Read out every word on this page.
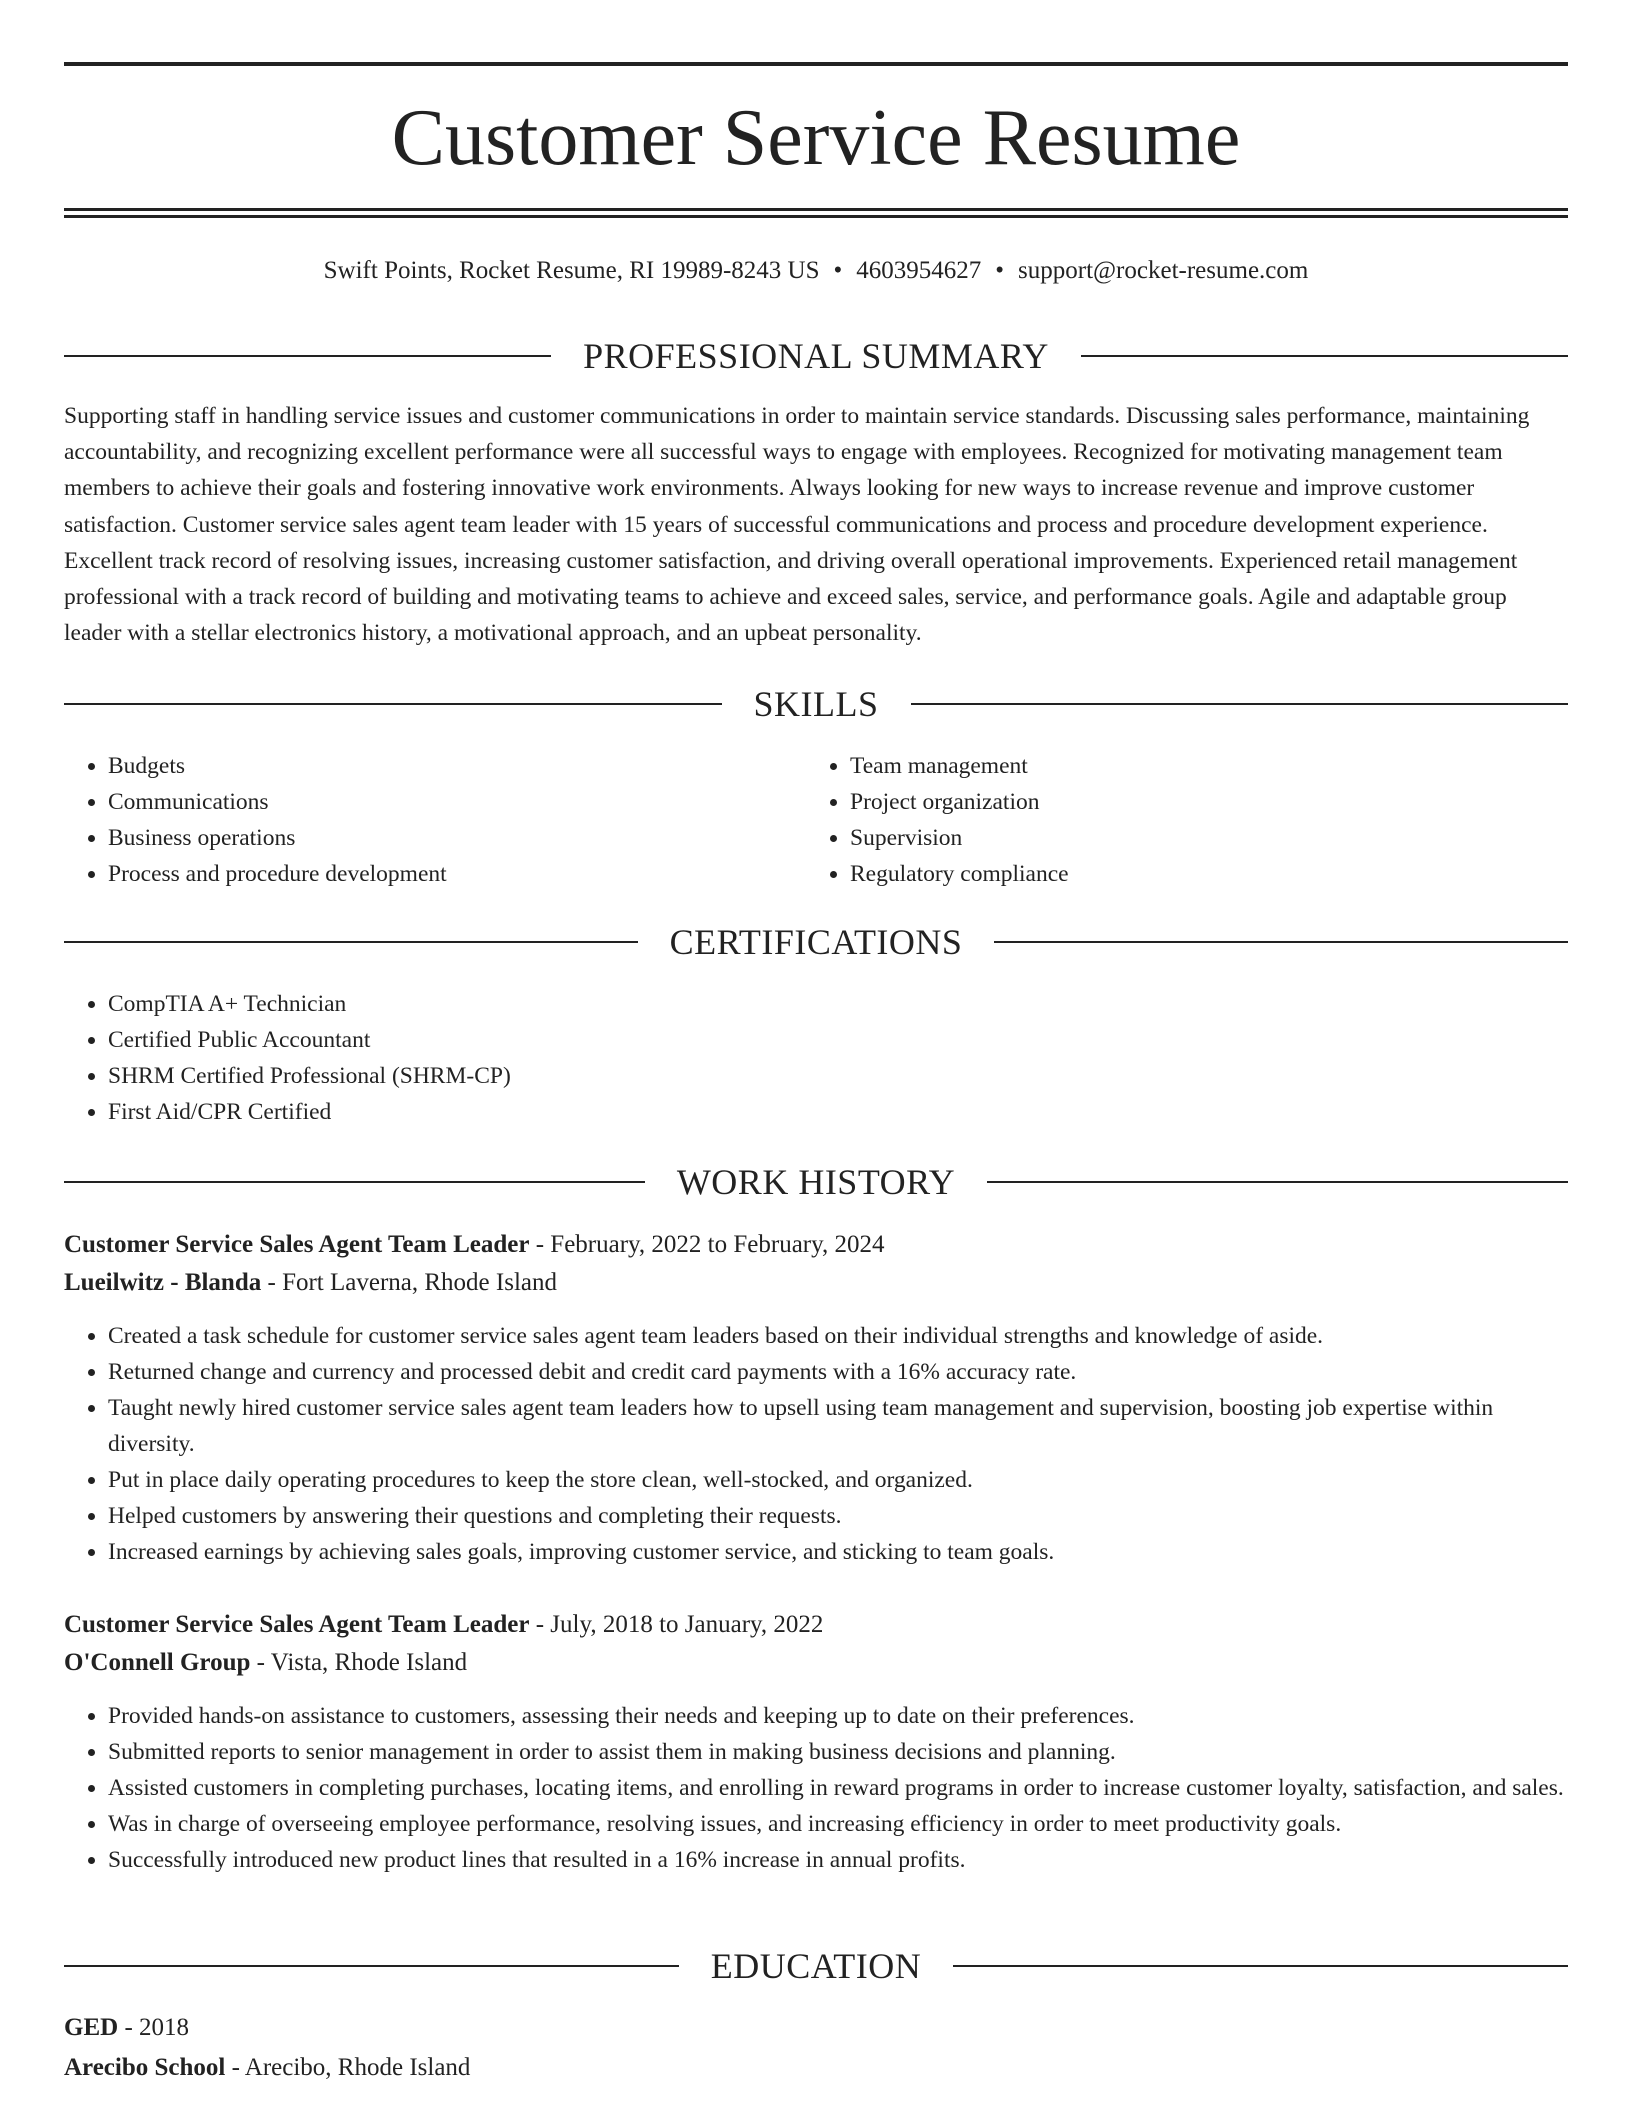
Customer Service Resume
Swift Points, Rocket Resume, RI 19989-8243 US • 4603954627 • support@rocket-resume.com
PROFESSIONAL SUMMARY

Supporting staff in handling service issues and customer communications in order to maintain service standards. Discussing sales performance, maintaining accountability, and recognizing excellent performance were all successful ways to engage with employees. Recognized for motivating management team members to achieve their goals and fostering innovative work environments. Always looking for new ways to increase revenue and improve customer satisfaction. Customer service sales agent team leader with 15 years of successful communications and process and procedure development experience. Excellent track record of resolving issues, increasing customer satisfaction, and driving overall operational improvements. Experienced retail management professional with a track record of building and motivating teams to achieve and exceed sales, service, and performance goals. Agile and adaptable group leader with a stellar electronics history, a motivational approach, and an upbeat personality.

SKILLS
• Budgets
• Communications
• Business operations
• Process and procedure development
• Team management
• Project organization
• Supervision
• Regulatory compliance
CERTIFICATIONS
• CompTIA A+ Technician
• Certified Public Accountant
• SHRM Certified Professional (SHRM-CP)
• First Aid/CPR Certified
WORK HISTORY
Customer Service Sales Agent Team Leader - February, 2022 to February, 2024
Lueilwitz - Blanda - Fort Laverna, Rhode Island
• Created a task schedule for customer service sales agent team leaders based on their individual strengths and knowledge of aside.
• Returned change and currency and processed debit and credit card payments with a 16% accuracy rate.
• Taught newly hired customer service sales agent team leaders how to upsell using team management and supervision, boosting job expertise within diversity.
• Put in place daily operating procedures to keep the store clean, well-stocked, and organized.
• Helped customers by answering their questions and completing their requests.
• Increased earnings by achieving sales goals, improving customer service, and sticking to team goals.
Customer Service Sales Agent Team Leader - July, 2018 to January, 2022
O'Connell Group - Vista, Rhode Island
• Provided hands-on assistance to customers, assessing their needs and keeping up to date on their preferences.
• Submitted reports to senior management in order to assist them in making business decisions and planning.
• Assisted customers in completing purchases, locating items, and enrolling in reward programs in order to increase customer loyalty, satisfaction, and sales.
• Was in charge of overseeing employee performance, resolving issues, and increasing efficiency in order to meet productivity goals.
• Successfully introduced new product lines that resulted in a 16% increase in annual profits.
EDUCATION
GED - 2018
Arecibo School - Arecibo, Rhode Island
